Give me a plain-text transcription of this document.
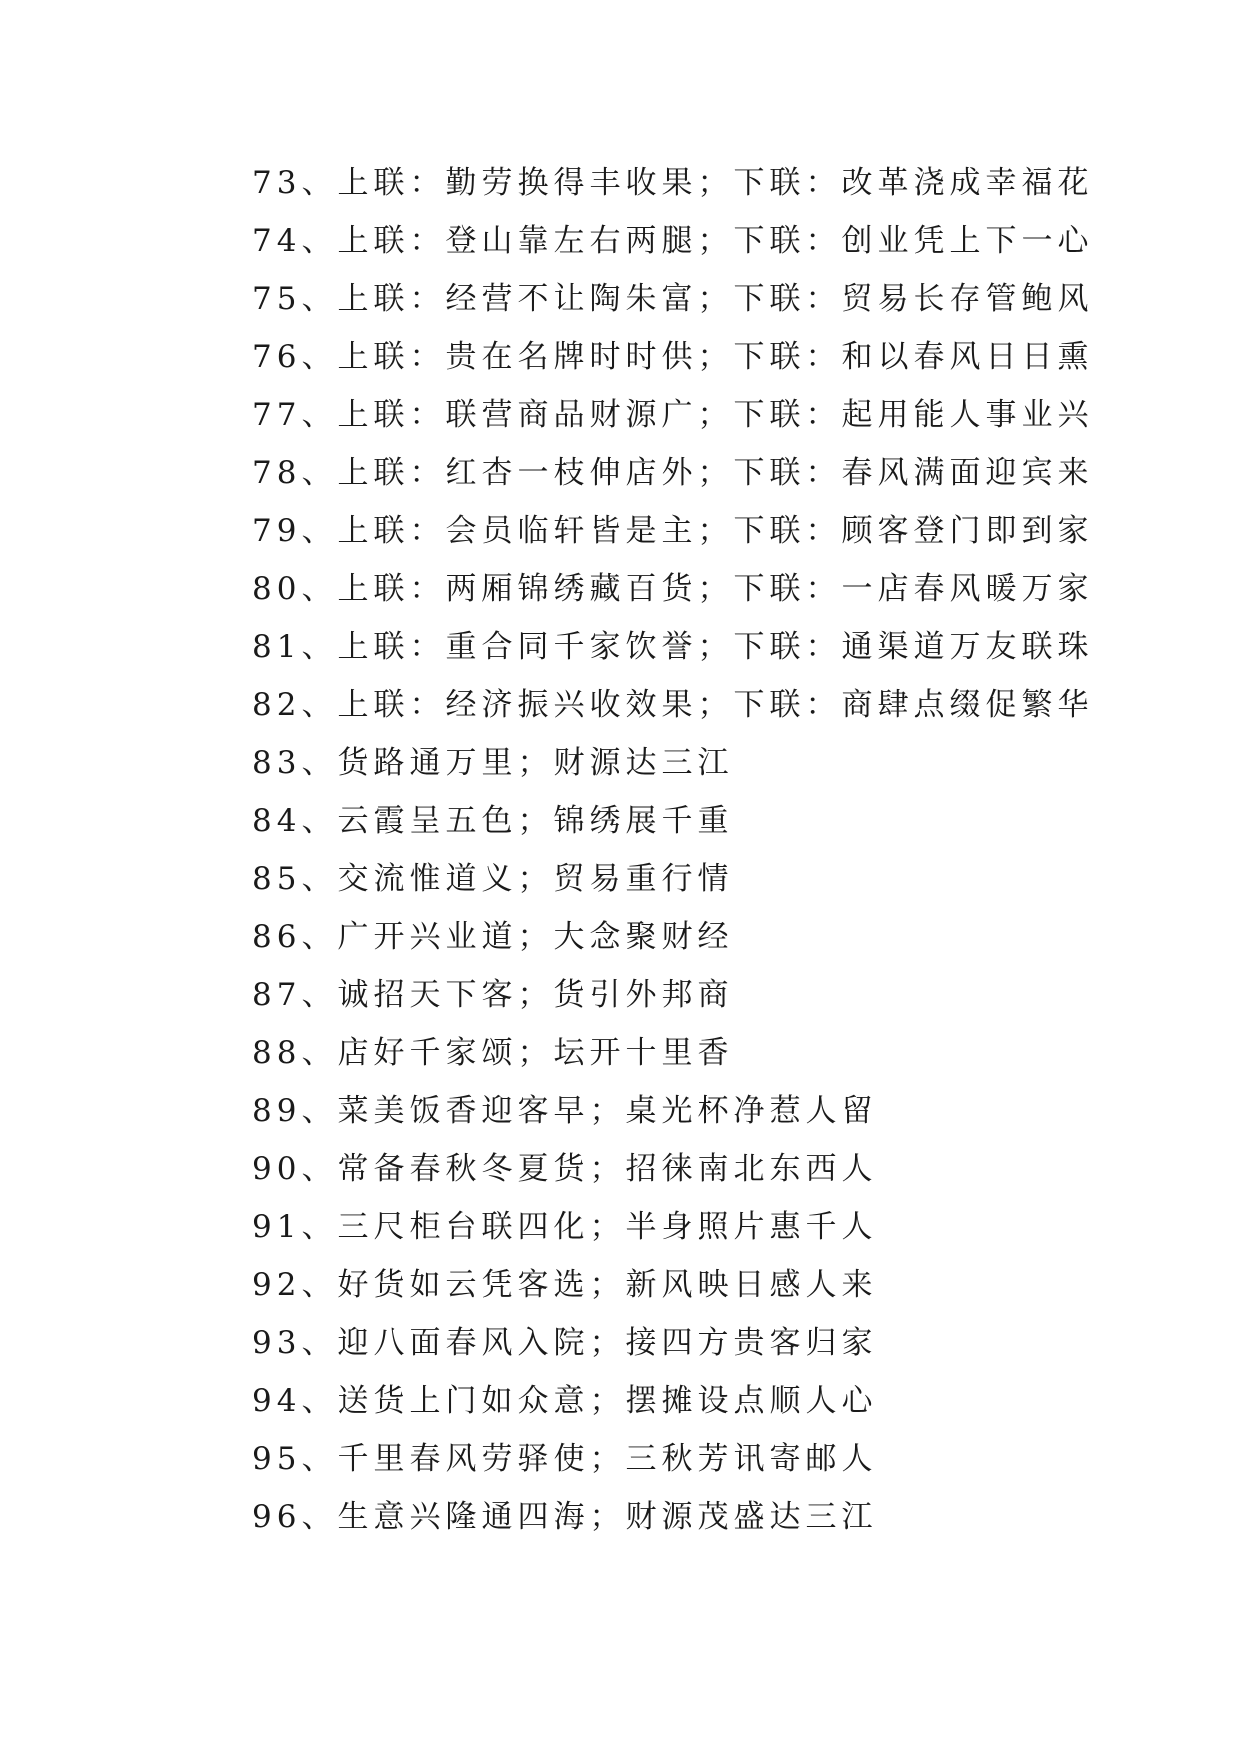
73、上联：勤劳换得丰收果；下联：改革浇成幸福花
74、上联：登山靠左右两腿；下联：创业凭上下一心
75、上联：经营不让陶朱富；下联：贸易长存管鲍风
76、上联：贵在名牌时时供；下联：和以春风日日熏
77、上联：联营商品财源广；下联：起用能人事业兴
78、上联：红杏一枝伸店外；下联：春风满面迎宾来
79、上联：会员临轩皆是主；下联：顾客登门即到家
80、上联：两厢锦绣藏百货；下联：一店春风暖万家
81、上联：重合同千家饮誉；下联：通渠道万友联珠
82、上联：经济振兴收效果；下联：商肆点缀促繁华
83、货路通万里；财源达三江
84、云霞呈五色；锦绣展千重
85、交流惟道义；贸易重行情
86、广开兴业道；大念聚财经
87、诚招天下客；货引外邦商
88、店好千家颂；坛开十里香
89、菜美饭香迎客早；桌光杯净惹人留
90、常备春秋冬夏货；招徕南北东西人
91、三尺柜台联四化；半身照片惠千人
92、好货如云凭客选；新风映日感人来
93、迎八面春风入院；接四方贵客归家
94、送货上门如众意；摆摊设点顺人心
95、千里春风劳驿使；三秋芳讯寄邮人
96、生意兴隆通四海；财源茂盛达三江
